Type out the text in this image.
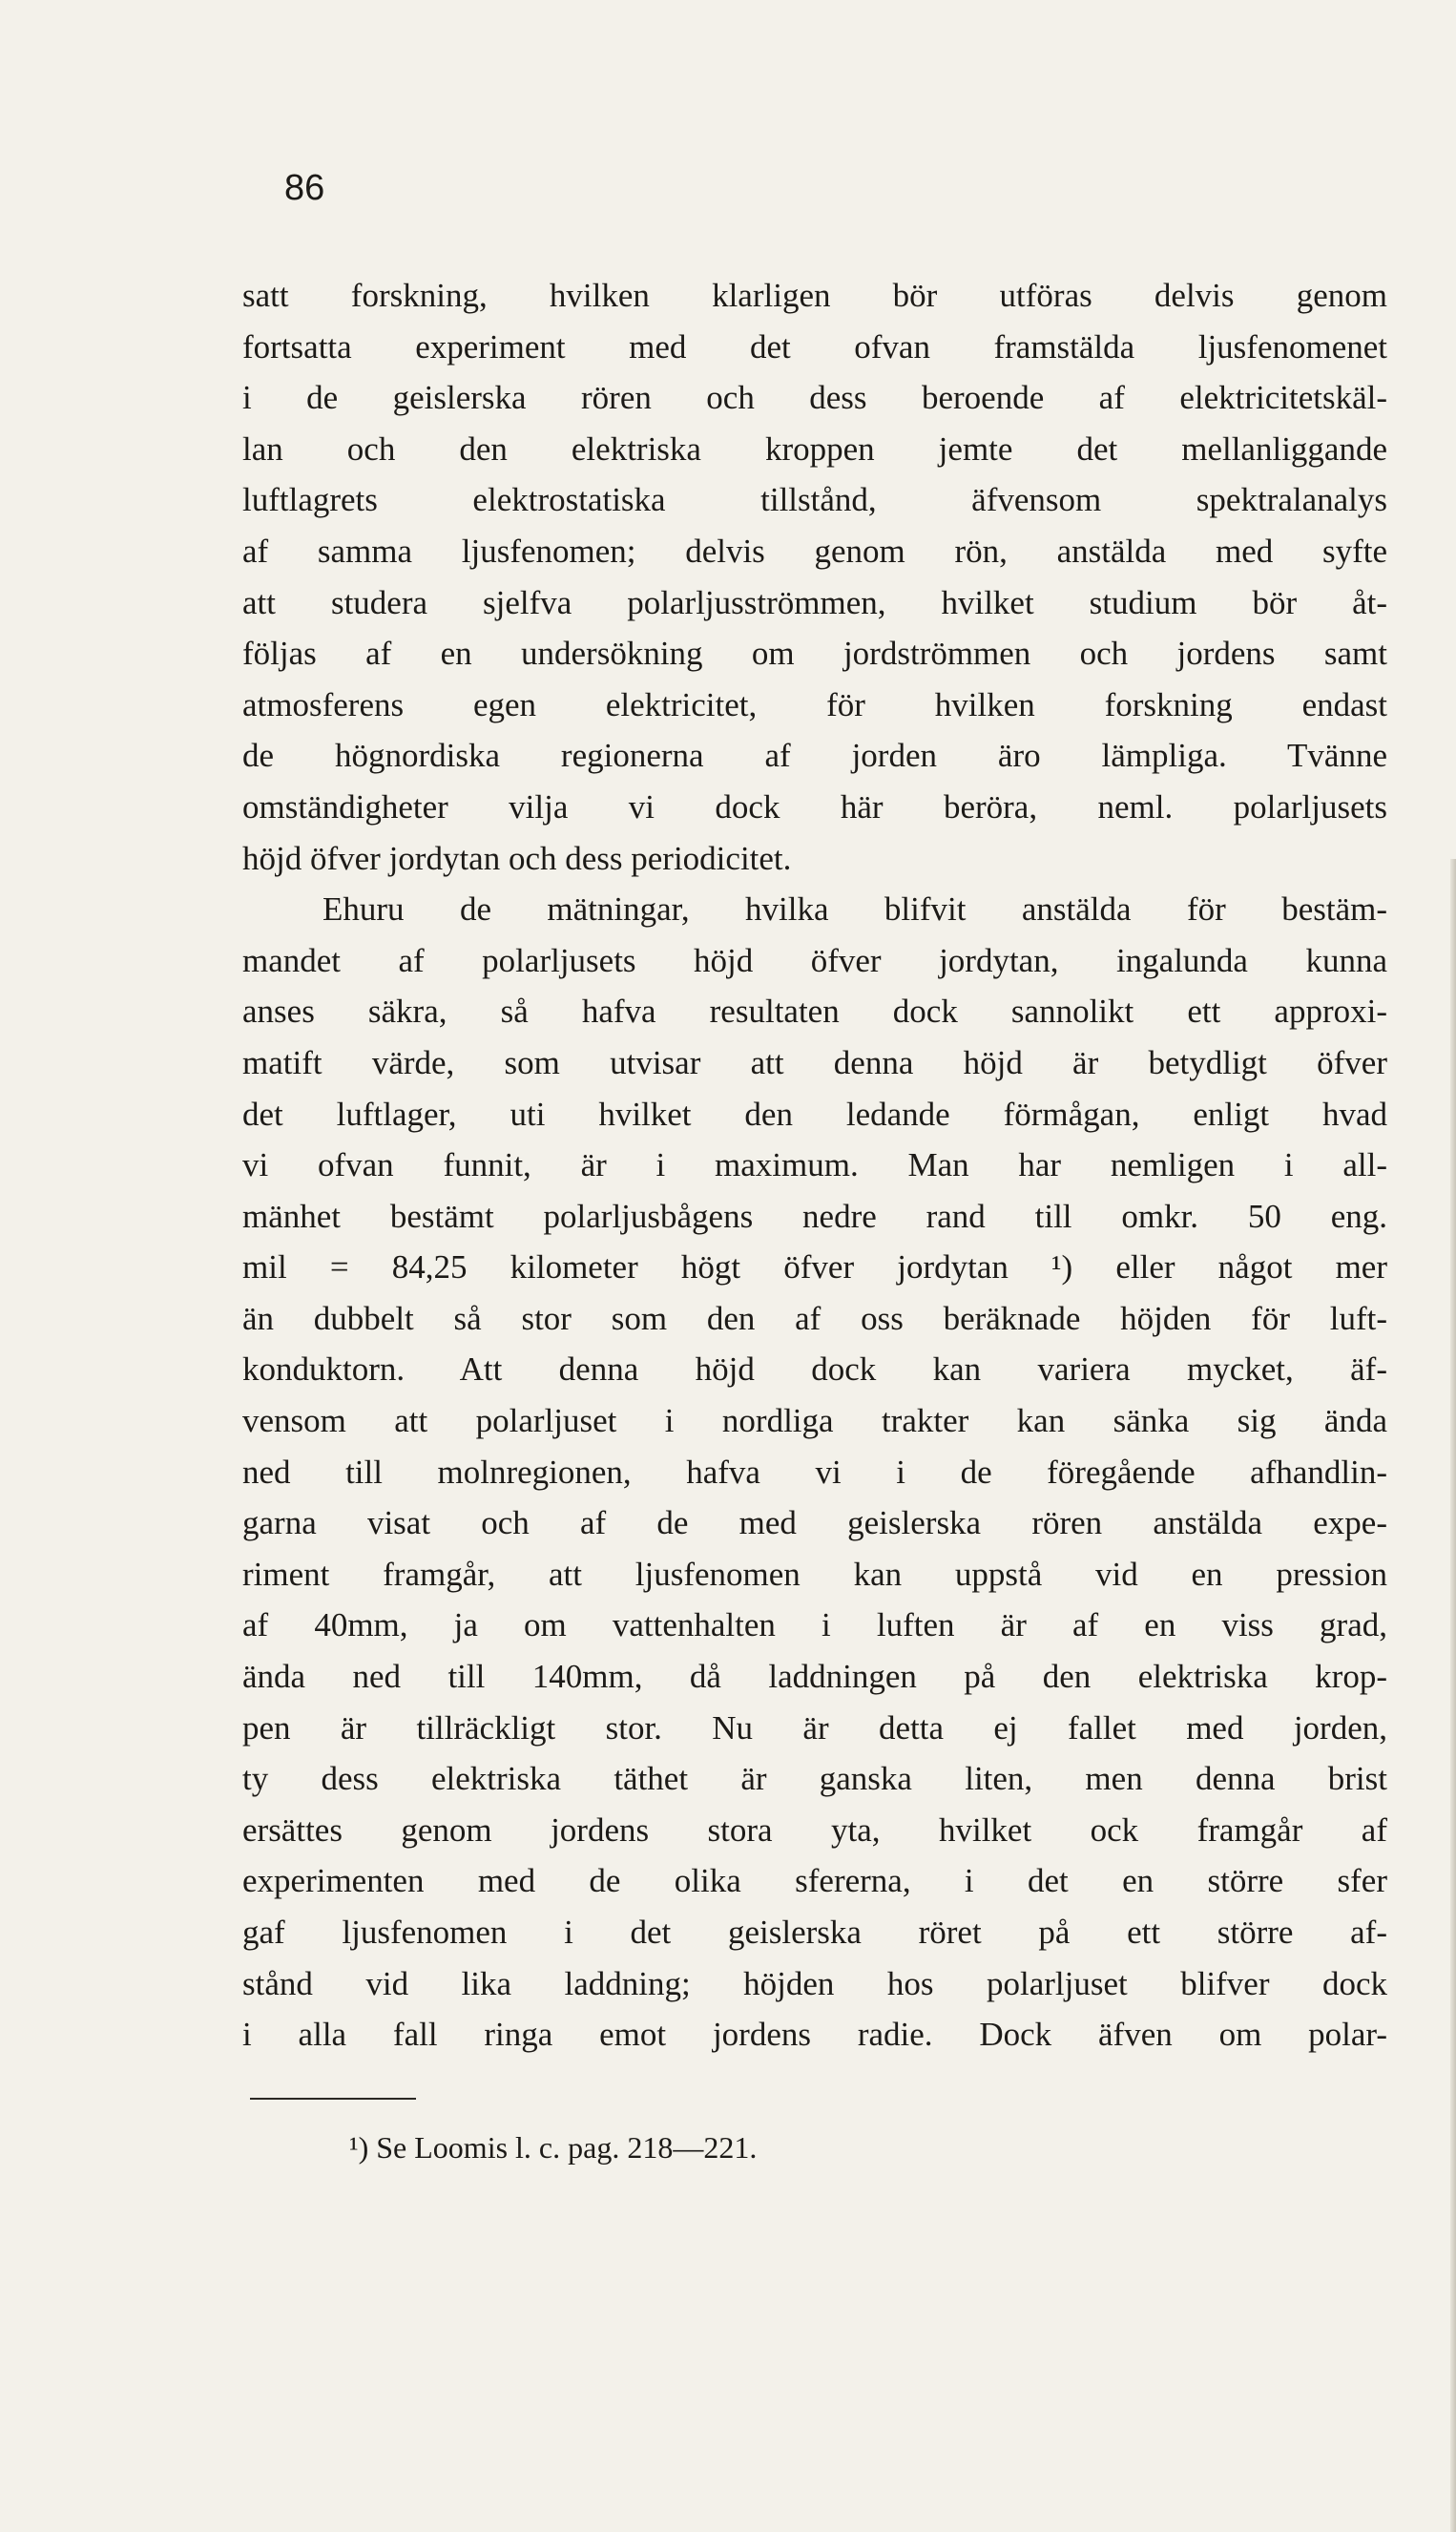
86
satt forskning, hvilken klarligen bör utföras delvis genom
fortsatta experiment med det ofvan framstälda ljusfenomenet
i de geislerska rören och dess beroende af elektricitetskäl-
lan och den elektriska kroppen jemte det mellanliggande
luftlagrets elektrostatiska tillstånd, äfvensom spektralanalys
af samma ljusfenomen; delvis genom rön, anstälda med syfte
att studera sjelfva polarljusströmmen, hvilket studium bör åt-
följas af en undersökning om jordströmmen och jordens samt
atmosferens egen elektricitet, för hvilken forskning endast
de högnordiska regionerna af jorden äro lämpliga. Tvänne
omständigheter vilja vi dock här beröra, neml. polarljusets
höjd öfver jordytan och dess periodicitet.
Ehuru de mätningar, hvilka blifvit anstälda för bestäm-
mandet af polarljusets höjd öfver jordytan, ingalunda kunna
anses säkra, så hafva resultaten dock sannolikt ett approxi-
matift värde, som utvisar att denna höjd är betydligt öfver
det luftlager, uti hvilket den ledande förmågan, enligt hvad
vi ofvan funnit, är i maximum. Man har nemligen i all-
mänhet bestämt polarljusbågens nedre rand till omkr. 50 eng.
mil = 84,25 kilometer högt öfver jordytan ¹) eller något mer
än dubbelt så stor som den af oss beräknade höjden för luft-
konduktorn. Att denna höjd dock kan variera mycket, äf-
vensom att polarljuset i nordliga trakter kan sänka sig ända
ned till molnregionen, hafva vi i de föregående afhandlin-
garna visat och af de med geislerska rören anstälda expe-
riment framgår, att ljusfenomen kan uppstå vid en pression
af 40mm, ja om vattenhalten i luften är af en viss grad,
ända ned till 140mm, då laddningen på den elektriska krop-
pen är tillräckligt stor. Nu är detta ej fallet med jorden,
ty dess elektriska täthet är ganska liten, men denna brist
ersättes genom jordens stora yta, hvilket ock framgår af
experimenten med de olika sfererna, i det en större sfer
gaf ljusfenomen i det geislerska röret på ett större af-
stånd vid lika laddning; höjden hos polarljuset blifver dock
i alla fall ringa emot jordens radie. Dock äfven om polar-
¹) Se Loomis l. c. pag. 218—221.
